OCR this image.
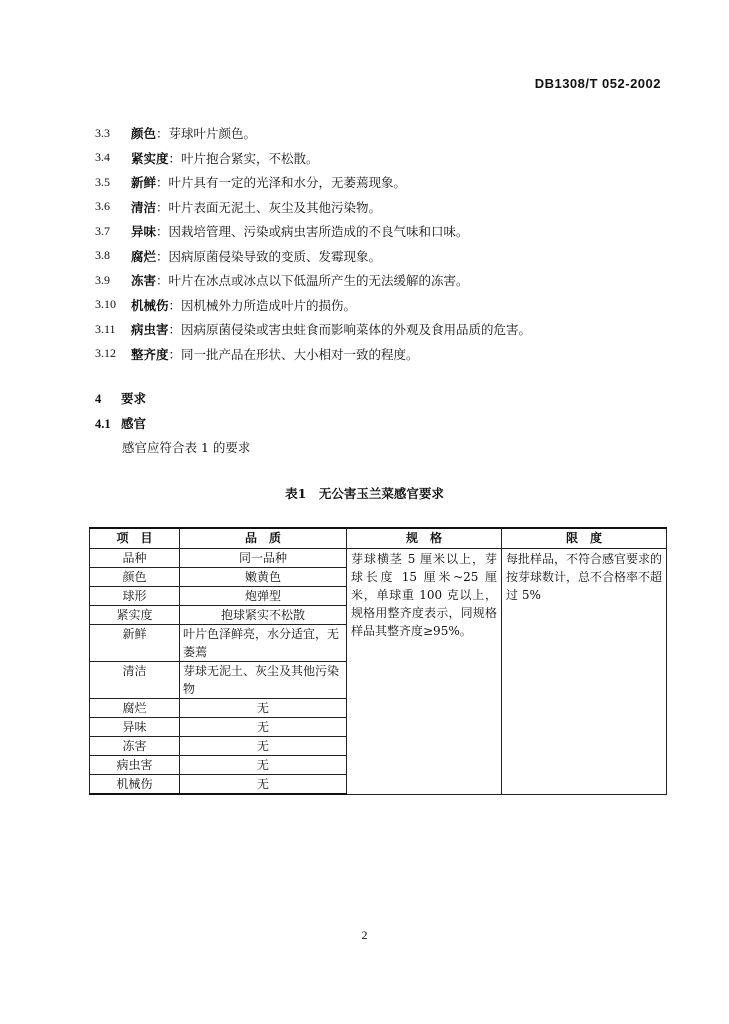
DB1308/T 052-2002
3.3	颜色 ：芽球叶片颜色。
3.4	紧实度 ：叶片抱合紧实，不松散。
3.5	新鲜 ：叶片具有一定的光泽和水分，无萎蔫现象。
3.6	清洁 ：叶片表面无泥土、灰尘及其他污染物。
3.7	异味 ：因栽培管理、污染或病虫害所造成的不良气味和口味。
3.8	腐烂 ：因病原菌侵染导致的变质、发霉现象。
3.9	冻害 ：叶片在冰点或冰点以下低温所产生的无法缓解的冻害。
3.10	机械伤 ：因机械外力所造成叶片的损伤。
3.11	病虫害 ：因病原菌侵染或害虫蛀食而影响菜体的外观及食用品质的危害。
3.12	整齐度 ：同一批产品在形状、大小相对一致的程度。
4 要求
4.1 感官
感官应符合表 1 的要求
表1　无公害玉兰菜感官要求
项　目	品　质	规　格	限　度
品种	同一品种	芽球横茎 5 厘米以上，芽球长度 15 厘米~25 厘米，单球重 100 克以上，规格用整齐度表示，同规格样品其整齐度≥95%。	每批样品，不符合感官要求的按芽球数计，总不合格率不超过 5%
颜色	嫩黄色		
球形	炮弹型		
紧实度	抱球紧实不松散		
新鲜	叶片色泽鲜亮，水分适宜，无萎蔫		
清洁	芽球无泥土、灰尘及其他污染物		
腐烂	无		
异味	无		
冻害	无		
病虫害	无		
机械伤	无		
2
